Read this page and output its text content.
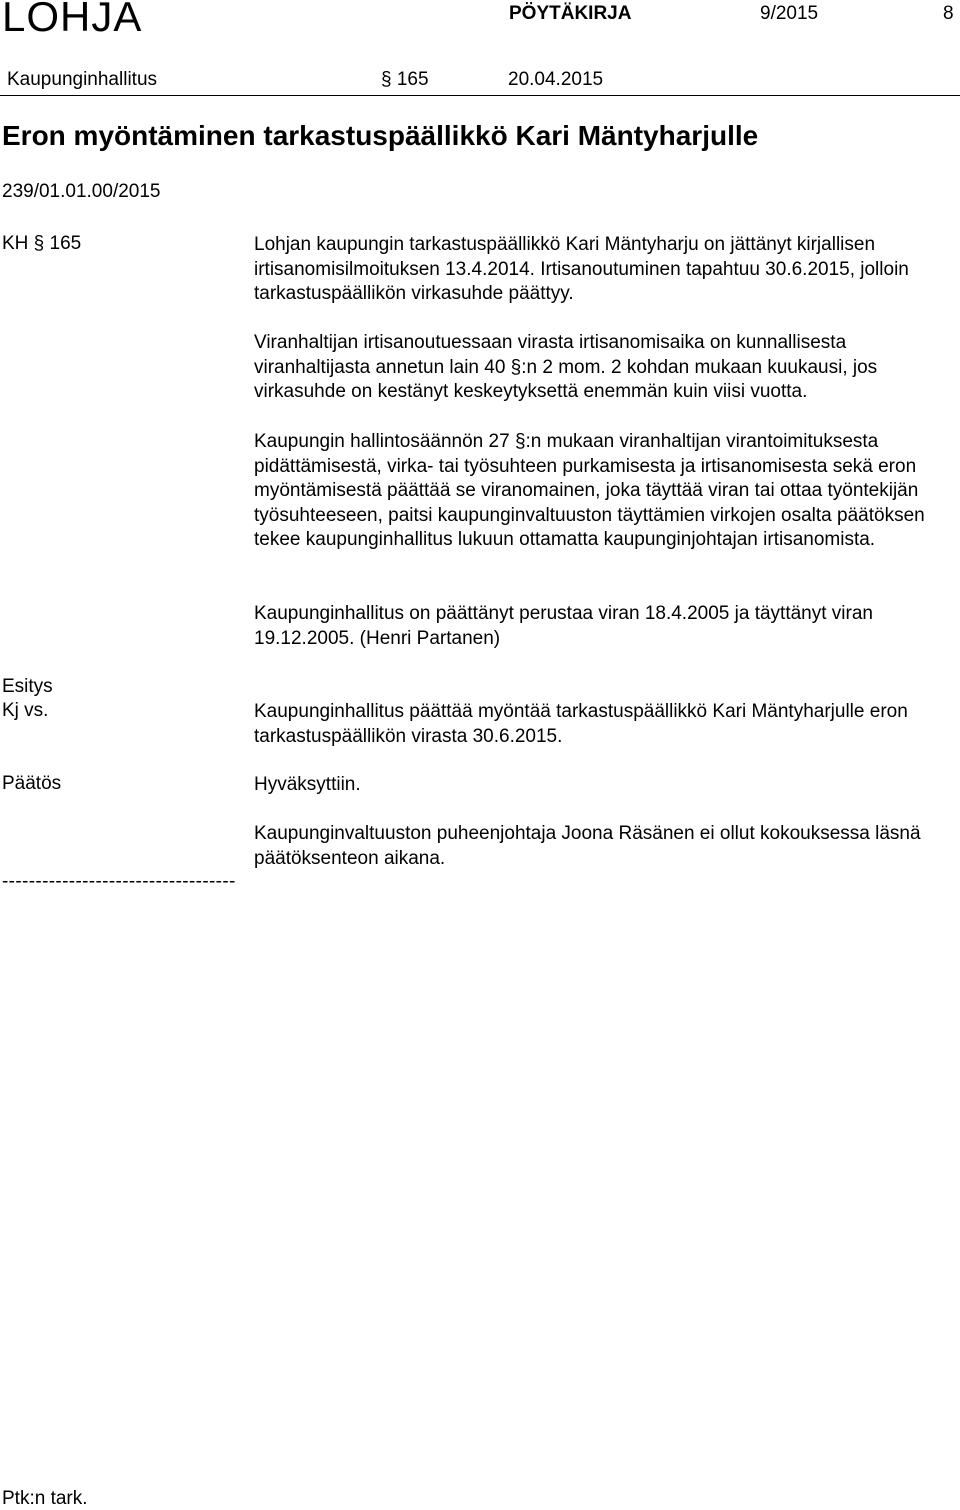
LOHJA	PÖYTÄKIRJA	9/2015	8
Kaupunginhallitus	§ 165	20.04.2015
Eron myöntäminen tarkastuspäällikkö Kari Mäntyharjulle
239/01.01.00/2015
KH § 165	Lohjan kaupungin tarkastuspäällikkö Kari Mäntyharju on jättänyt kirjallisen irtisanomisilmoituksen 13.4.2014. Irtisanoutuminen tapahtuu 30.6.2015, jolloin tarkastuspäällikön virkasuhde päättyy.
Viranhaltijan irtisanoutuessaan virasta irtisanomisaika on kunnallisesta viranhaltijasta annetun lain 40 §:n 2 mom. 2 kohdan mukaan kuukausi, jos virkasuhde on kestänyt keskeytyksettä enemmän kuin viisi vuotta.
Kaupungin hallintosäännön 27 §:n mukaan viranhaltijan virantoimituksesta pidättämisestä, virka- tai työsuhteen purkamisesta ja irtisanomisesta sekä eron myöntämisestä päättää se viranomainen, joka täyttää viran tai ottaa työntekijän työsuhteeseen, paitsi kaupunginvaltuuston täyttämien virkojen osalta päätöksen tekee kaupunginhallitus lukuun ottamatta kaupunginjohtajan irtisanomista.
Kaupunginhallitus on päättänyt perustaa viran 18.4.2005 ja täyttänyt viran 19.12.2005. (Henri Partanen)
Esitys
Kj vs.	Kaupunginhallitus päättää myöntää tarkastuspäällikkö Kari Mäntyharjulle eron tarkastuspäällikön virasta 30.6.2015.
Päätös	Hyväksyttiin.
Kaupunginvaltuuston puheenjohtaja Joona Räsänen ei ollut kokouksessa läsnä päätöksenteon aikana.
-----------------------------------
Ptk:n tark.
